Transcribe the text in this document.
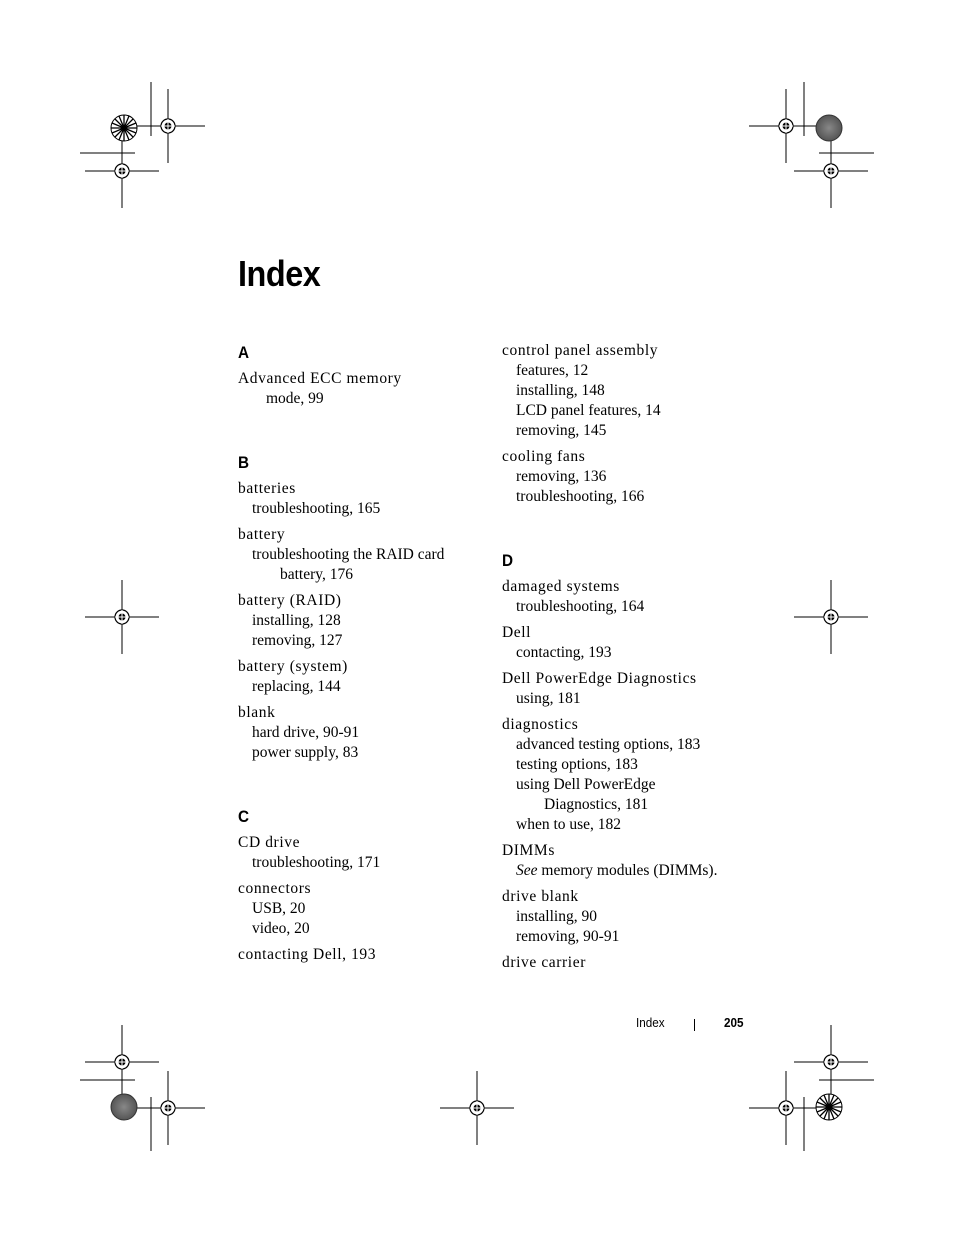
Index
A
Advanced ECC memory
mode, 99
B
batteries
troubleshooting, 165
battery
troubleshooting the RAID card
battery, 176
battery (RAID)
installing, 128
removing, 127
battery (system)
replacing, 144
blank
hard drive, 90-91
power supply, 83
C
CD drive
troubleshooting, 171
connectors
USB, 20
video, 20
contacting Dell, 193
control panel assembly
features, 12
installing, 148
LCD panel features, 14
removing, 145
cooling fans
removing, 136
troubleshooting, 166
D
damaged systems
troubleshooting, 164
Dell
contacting, 193
Dell PowerEdge Diagnostics
using, 181
diagnostics
advanced testing options, 183
testing options, 183
using Dell PowerEdge
Diagnostics, 181
when to use, 182
DIMMs
See memory modules (DIMMs).
drive blank
installing, 90
removing, 90-91
drive carrier
Index	205
